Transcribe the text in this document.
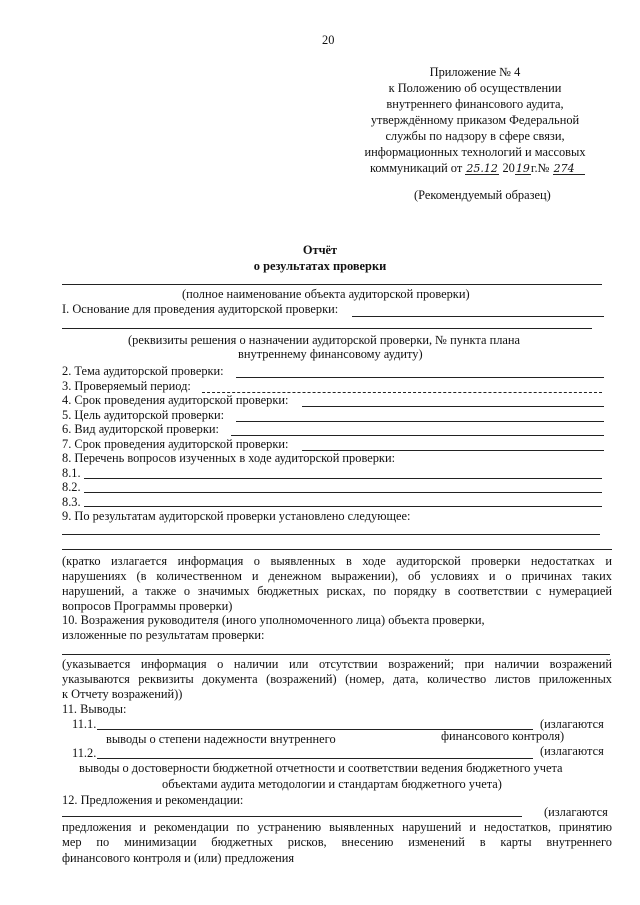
20
Приложение № 4
к Положению об осуществлении
внутреннего финансового аудита,
утверждённому приказом Федеральной
службы по надзору в сфере связи,
информационных технологий и массовых
коммуникаций от 25.12 2019г.№ 274
(Рекомендуемый образец)
Отчёт
о результатах проверки
(полное наименование объекта аудиторской проверки)
I. Основание для проведения аудиторской проверки:
(реквизиты решения о назначении аудиторской проверки, № пункта плана
внутреннему финансовому аудиту)
2. Тема аудиторской проверки:
3. Проверяемый период:
4. Срок проведения аудиторской проверки:
5. Цель аудиторской проверки:
6. Вид аудиторской проверки:
7. Срок проведения аудиторской проверки:
8. Перечень вопросов изученных в ходе аудиторской проверки:
8.1.
8.2.
8.3.
9. По результатам аудиторской проверки установлено следующее:
(кратко излагается информация о выявленных в ходе аудиторской проверки недостатках и
нарушениях (в количественном и денежном выражении), об условиях и о причинах таких
нарушений, а также о значимых бюджетных рисках, по порядку в соответствии с нумерацией
вопросов Программы проверки)
10. Возражения руководителя (иного уполномоченного лица) объекта проверки,
изложенные по результатам проверки:
(указывается информация о наличии или отсутствии возражений; при наличии возражений
указываются реквизиты документа (возражений) (номер, дата, количество листов приложенных
к Отчету возражений))
11. Выводы:
11.1.	(излагаются
выводы о степени надежности внутреннего	финансового контроля)
11.2.	(излагаются
выводы о достоверности бюджетной отчетности и соответствии ведения бюджетного учета
объектами аудита методологии и стандартам бюджетного учета)
12. Предложения и рекомендации:
(излагаются
предложения и рекомендации по устранению выявленных нарушений и недостатков, принятию
мер по минимизации бюджетных рисков, внесению изменений в карты внутреннего
финансового контроля и (или) предложения
